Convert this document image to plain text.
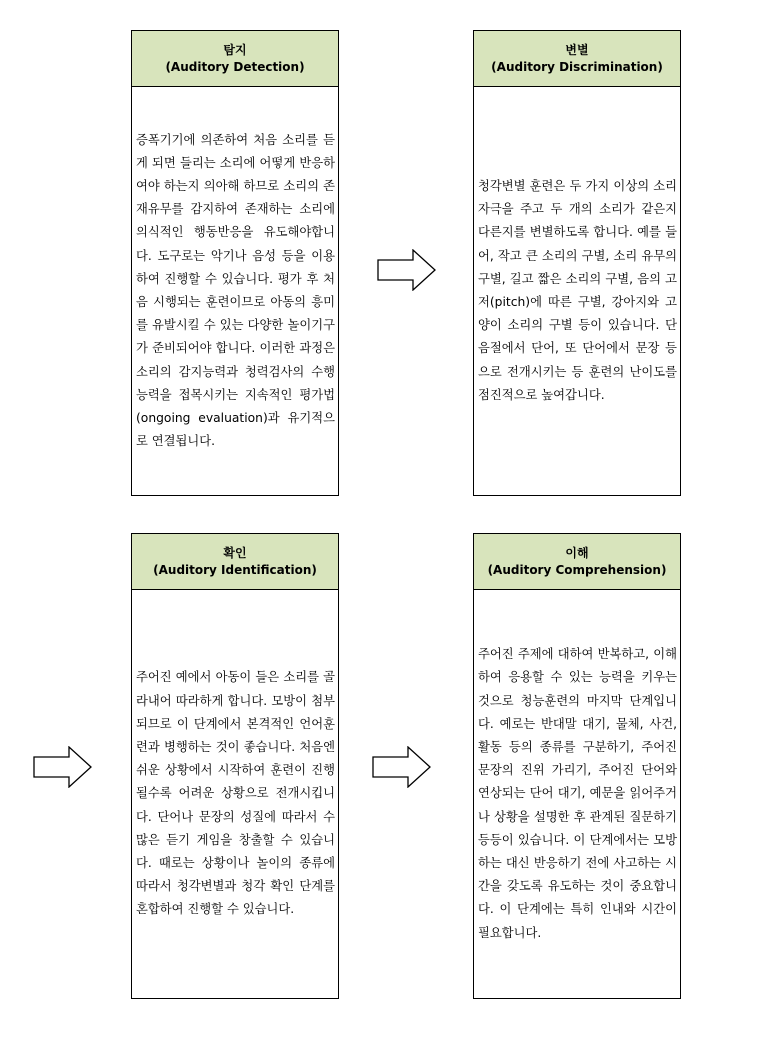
탐지
(Auditory Detection)

증폭기기에 의존하여 처음 소리를 듣게 되면 들리는 소리에 어떻게 반응하여야 하는지 의아해 하므로 소리의 존재유무를 감지하여 존재하는 소리에 의식적인 행동반응을 유도해야합니다. 도구로는 악기나 음성 등을 이용하여 진행할 수 있습니다. 평가 후 처음 시행되는 훈련이므로 아동의 흥미를 유발시킬 수 있는 다양한 놀이기구가 준비되어야 합니다. 이러한 과정은 소리의 감지능력과 청력검사의 수행능력을 접목시키는 지속적인 평가법(ongoing evaluation)과 유기적으로 연결됩니다.

변별
(Auditory Discrimination)

청각변별 훈련은 두 가지 이상의 소리자극을 주고 두 개의 소리가 같은지 다른지를 변별하도록 합니다. 예를 들어, 작고 큰 소리의 구별, 소리 유무의 구별, 길고 짧은 소리의 구별, 음의 고저(pitch)에 따른 구별, 강아지와 고양이 소리의 구별 등이 있습니다. 단음절에서 단어, 또 단어에서 문장 등으로 전개시키는 등 훈련의 난이도를 점진적으로 높여갑니다.

확인
(Auditory Identification)

주어진 예에서 아동이 들은 소리를 골라내어 따라하게 합니다. 모방이 첨부되므로 이 단계에서 본격적인 언어훈련과 병행하는 것이 좋습니다. 처음엔 쉬운 상황에서 시작하여 훈련이 진행될수록 어려운 상황으로 전개시킵니다. 단어나 문장의 성질에 따라서 수많은 듣기 게임을 창출할 수 있습니다. 때로는 상황이나 놀이의 종류에 따라서 청각변별과 청각 확인 단계를 혼합하여 진행할 수 있습니다.

이해
(Auditory Comprehension)

주어진 주제에 대하여 반복하고, 이해하여 응용할 수 있는 능력을 키우는 것으로 청능훈련의 마지막 단계입니다. 예로는 반대말 대기, 물체, 사건, 활동 등의 종류를 구분하기, 주어진 문장의 진위 가리기, 주어진 단어와 연상되는 단어 대기, 예문을 읽어주거나 상황을 설명한 후 관계된 질문하기 등등이 있습니다. 이 단계에서는 모방하는 대신 반응하기 전에 사고하는 시간을 갖도록 유도하는 것이 중요합니다. 이 단계에는 특히 인내와 시간이 필요합니다.
